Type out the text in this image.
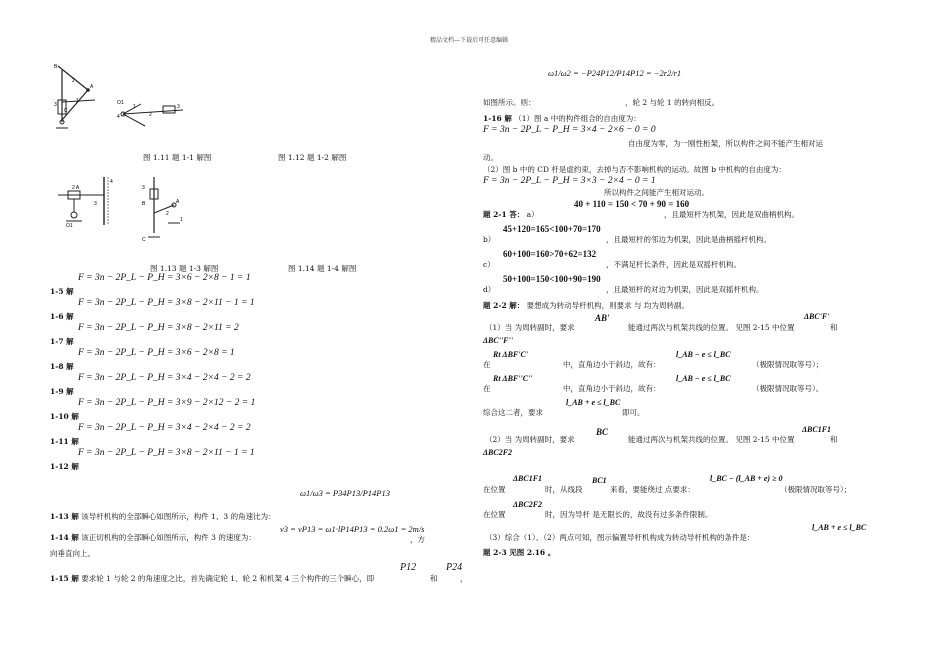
精品文档---下载后可任意编辑
B
A
C
1
2
3	O1
4
1
2
3
图 1.11 题 1-1 解图	图 1.12 题 1-2 解图
2 A
4
3
O1
3
B	A
2
1
C
图 1.13 题 1-3 解图	图 1.14 题 1-4 解图
F = 3n − 2P_L − P_H = 3×6 − 2×8 − 1 = 1
1-5 解
F = 3n − 2P_L − P_H = 3×8 − 2×11 − 1 = 1
1-6 解
F = 3n − 2P_L − P_H = 3×8 − 2×11 = 2
1-7 解
F = 3n − 2P_L − P_H = 3×6 − 2×8 = 1
1-8 解
F = 3n − 2P_L − P_H = 3×4 − 2×4 − 2 = 2
1-9 解
F = 3n − 2P_L − P_H = 3×9 − 2×12 − 2 = 1
1-10 解
F = 3n − 2P_L − P_H = 3×4 − 2×4 − 2 = 2
1-11 解
F = 3n − 2P_L − P_H = 3×8 − 2×11 − 1 = 1
1-12 解
ω1/ω3 = P34P13/P14P13
1-13 解 该导杆机构的全部瞬心如图所示，构件 1、3 的角速比为：
v3 = vP13 = ω1·lP14P13 = 0.2ω1 = 2m/s
1-14 解 该正切机构的全部瞬心如图所示，构件 3 的速度为：	，方
向垂直向上。
P12	P24
1-15 解 要求轮 1 与轮 2 的角速度之比，首先确定轮 1、轮 2 和机架 4 三个构件的三个瞬心，即	和	，
ω1/ω2 = −P24P12/P14P12 = −2r2/r1
如图所示。则：	，轮 2 与轮 1 的转向相反。
1-16 解 （1）图 a 中的构件组合的自由度为：
F = 3n − 2P_L − P_H = 3×4 − 2×6 − 0 = 0
自由度为零，为一刚性桁架，所以构件之间不能产生相对运
动。
（2）图 b 中的 CD 杆是虚约束，去掉与否不影响机构的运动。故图 b 中机构的自由度为：
F = 3n − 2P_L − P_H = 3×3 − 2×4 − 0 = 1
所以构件之间能产生相对运动。
40 + 110 = 150 < 70 + 90 = 160
题 2-1 答： a）	，且最短杆为机架，因此是双曲柄机构。
45+120=165<100+70=170
b）	，且最短杆的邻边为机架，因此是曲柄摇杆机构。
60+100=160>70+62=132
c）	，不满足杆长条件，因此是双摇杆机构。
50+100=150<100+90=190
d）	，且最短杆的对边为机架，因此是双摇杆机构。
题 2-2 解： 要想成为转动导杆机构，则要求 与 均为周转副。
AB'
（1）当 为周转副时，要求	能通过两次与机架共线的位置。 见图 2-15 中位置
ΔBC'F'
和
ΔBC''F''
Rt ΔBF'C'
在	中，直角边小于斜边，故有：
l_AB − e ≤ l_BC
（极限情况取等号）；
Rt ΔBF''C''
在	中，直角边小于斜边，故有：
l_AB − e ≤ l_BC
（极限情况取等号）。
l_AB + e ≤ l_BC
综合这二者，要求	即可。
BC
（2）当 为周转副时，要求	能通过两次与机架共线的位置。 见图 2-15 中位置
ΔBC1F1
和
ΔBC2F2
ΔBC1F1
在位置	时，从线段
BC1
来看，要能绕过 点要求：
l_BC − (l_AB + e) ≥ 0
（极限情况取等号）；
ΔBC2F2
在位置	时，因为导杆 是无限长的，故没有过多条件限制。
（3）综合（1）、（2）两点可知，图示偏置导杆机构成为转动导杆机构的条件是：
l_AB + e ≤ l_BC
题 2-3 见图 2.16 。
